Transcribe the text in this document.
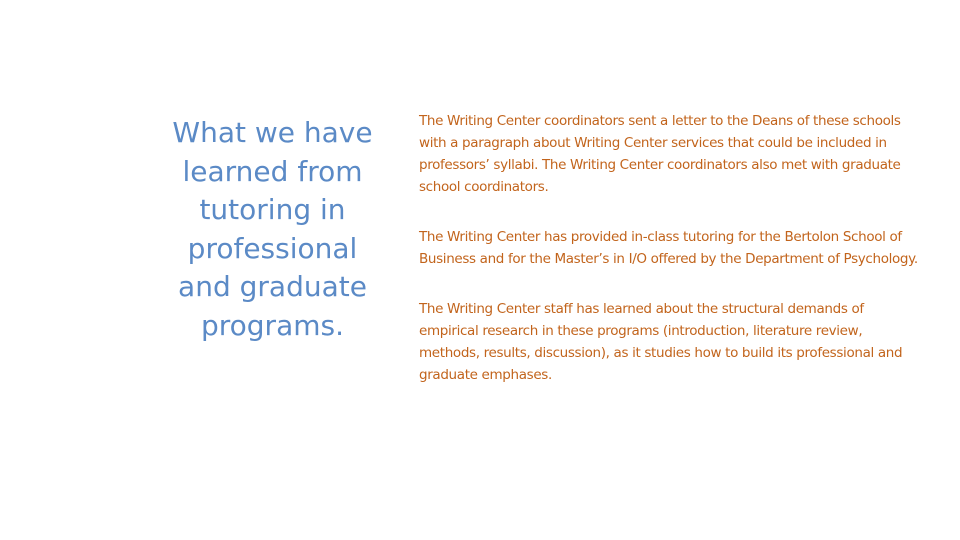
What we have learned from tutoring in professional and graduate programs.

The Writing Center coordinators sent a letter to the Deans of these schools with a paragraph about Writing Center services that could be included in professors’ syllabi. The Writing Center coordinators also met with graduate school coordinators.

The Writing Center has provided in-class tutoring for the Bertolon School of Business and for the Master’s in I/O offered by the Department of Psychology.

The Writing Center staff has learned about the structural demands of empirical research in these programs (introduction, literature review, methods, results, discussion), as it studies how to build its professional and graduate emphases.
